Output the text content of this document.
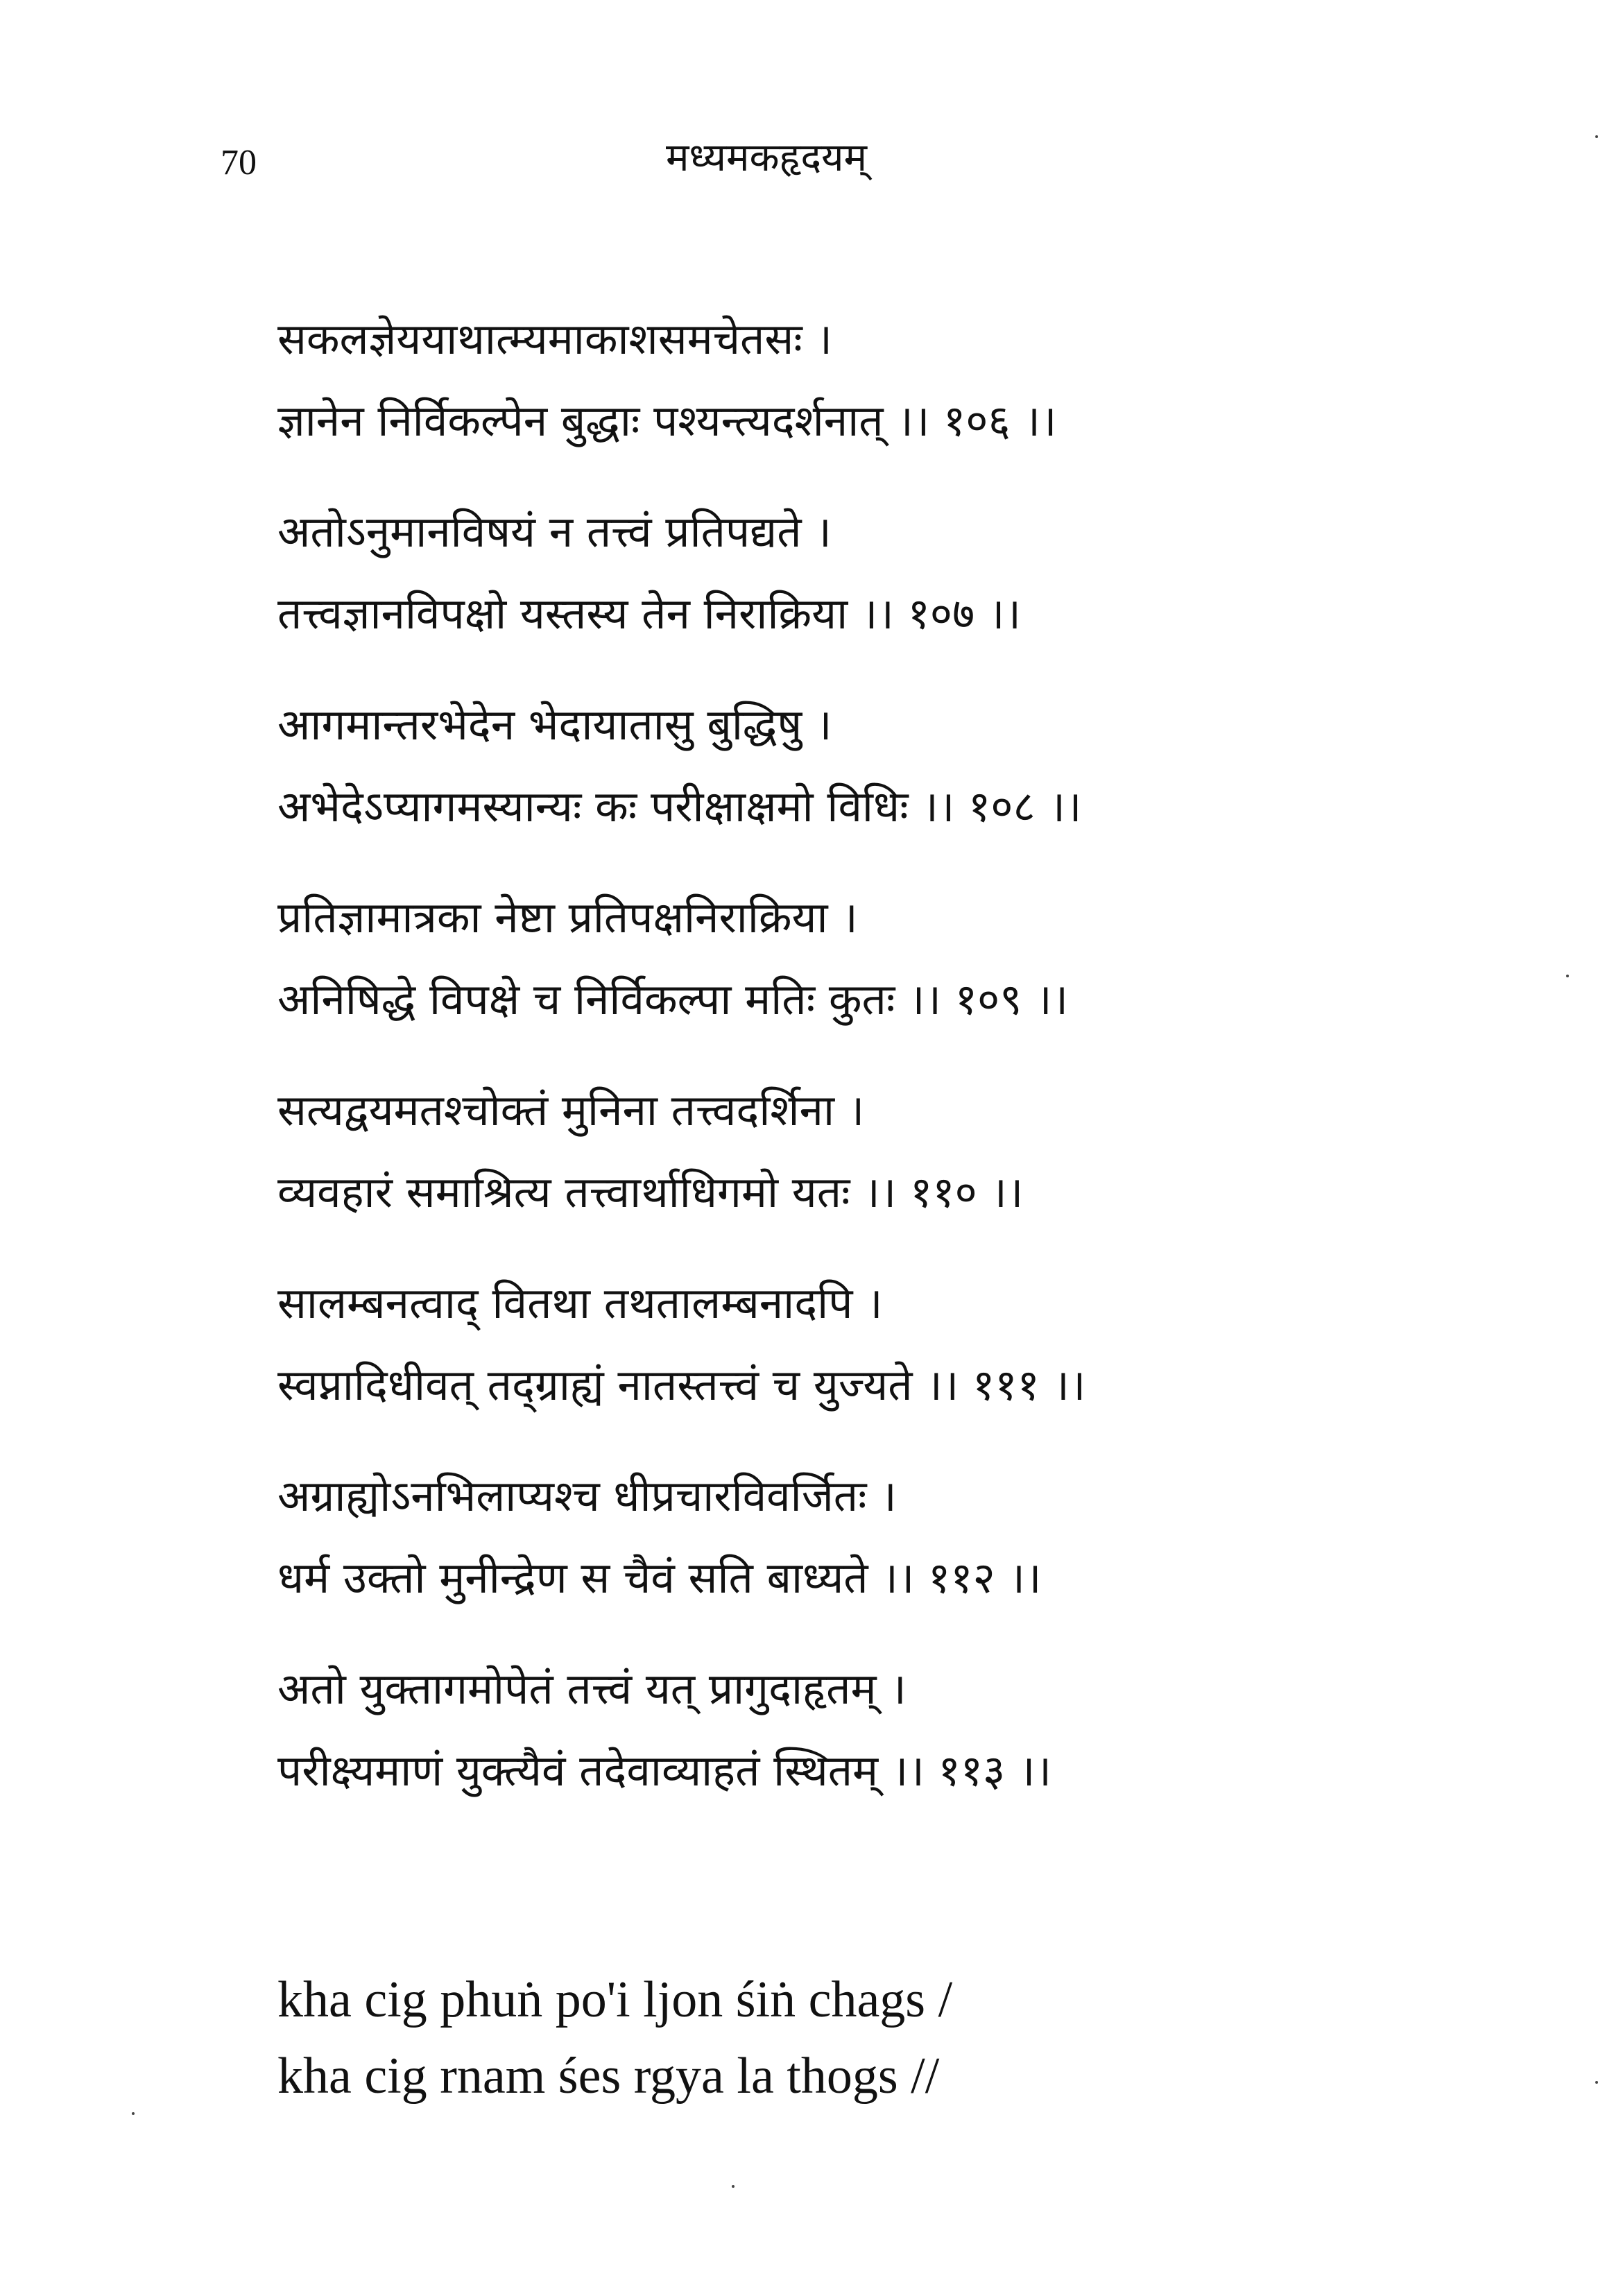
70	मध्यमकहृदयम्
सकलज्ञेययाथात्म्यमाकाशसमचेतसः ।
ज्ञानेन निर्विकल्पेन बुद्धाः पश्यन्त्यदर्शनात् ।। १०६ ।।
अतोऽनुमानविषयं न तत्त्वं प्रतिपद्यते ।
तत्त्वज्ञानविपक्षो यस्तस्य तेन निराक्रिया ।। १०७ ।।
आगमान्तरभेदेन भेदायातासु बुद्धिषु ।
अभेदेऽप्यागमस्यान्यः कः परीक्षाक्षमो विधिः ।। १०८ ।।
प्रतिज्ञामात्रका नेष्टा प्रतिपक्षनिराक्रिया ।
अनिषिद्धे विपक्षे च निर्विकल्पा मतिः कुतः ।। १०९ ।।
सत्यद्वयमतश्चोक्तं मुनिना तत्त्वदर्शिना ।
व्यवहारं समाश्रित्य तत्त्वार्थाधिगमो यतः ।। ११० ।।
सालम्बनत्वाद् वितथा तथतालम्बनादपि ।
स्वप्नादिधीवत् तद्ग्राह्यं नातस्तत्त्वं च युज्यते ।। १११ ।।
अग्राह्योऽनभिलाप्यश्च धीप्रचारविवर्जितः ।
धर्म उक्तो मुनीन्द्रेण स चैवं सति बाध्यते ।। ११२ ।।
अतो युक्तागमोपेतं तत्त्वं यत् प्रागुदाहृतम् ।
परीक्ष्यमाणं युक्त्यैवं तदेवाव्याहतं स्थितम् ।। ११३ ।।
kha cig phuṅ po'i ljon śiṅ chags /
kha cig rnam śes rgya la thogs //
